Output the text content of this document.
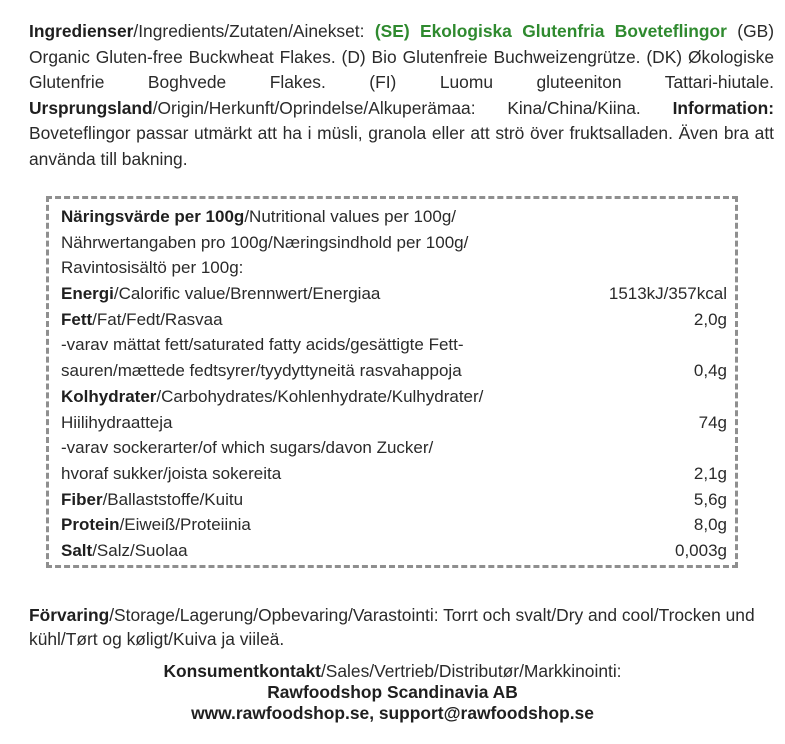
Ingredienser/Ingredients/Zutaten/Ainekset: (SE) Ekologiska Glutenfria Boveteflingor (GB) Organic Gluten-free Buckwheat Flakes. (D) Bio Glutenfreie Buchweizengrütze. (DK) Økologiske Glutenfrie Boghvede Flakes. (FI) Luomu gluteeniton Tattari-hiutale. Ursprungsland/Origin/Herkunft/Oprindelse/Alkuperämaa: Kina/China/Kiina. Information: Boveteflingor passar utmärkt att ha i müsli, granola eller att strö över fruktsalladen. Även bra att använda till bakning.

Näringsvärde per 100g/Nutritional values per 100g/
Nährwertangaben pro 100g/Næringsindhold per 100g/
Ravintosisältö per 100g:
Energi/Calorific value/Brennwert/Energiaa	1513kJ/357kcal
Fett/Fat/Fedt/Rasvaa	2,0g
-varav mättat fett/saturated fatty acids/gesättigte Fett-
sauren/mættede fedtsyrer/tyydyttyneitä rasvahappoja	0,4g
Kolhydrater/Carbohydrates/Kohlenhydrate/Kulhydrater/
Hiilihydraatteja	74g
-varav sockerarter/of which sugars/davon Zucker/
hvoraf sukker/joista sokereita	2,1g
Fiber/Ballaststoffe/Kuitu	5,6g
Protein/Eiweiß/Proteiinia	8,0g
Salt/Salz/Suolaa	0,003g

Förvaring/Storage/Lagerung/Opbevaring/Varastointi: Torrt och svalt/Dry and cool/Trocken und kühl/Tørt og køligt/Kuiva ja viileä.

Konsumentkontakt/Sales/Vertrieb/Distributør/Markkinointi:
Rawfoodshop Scandinavia AB
www.rawfoodshop.se, support@rawfoodshop.se
